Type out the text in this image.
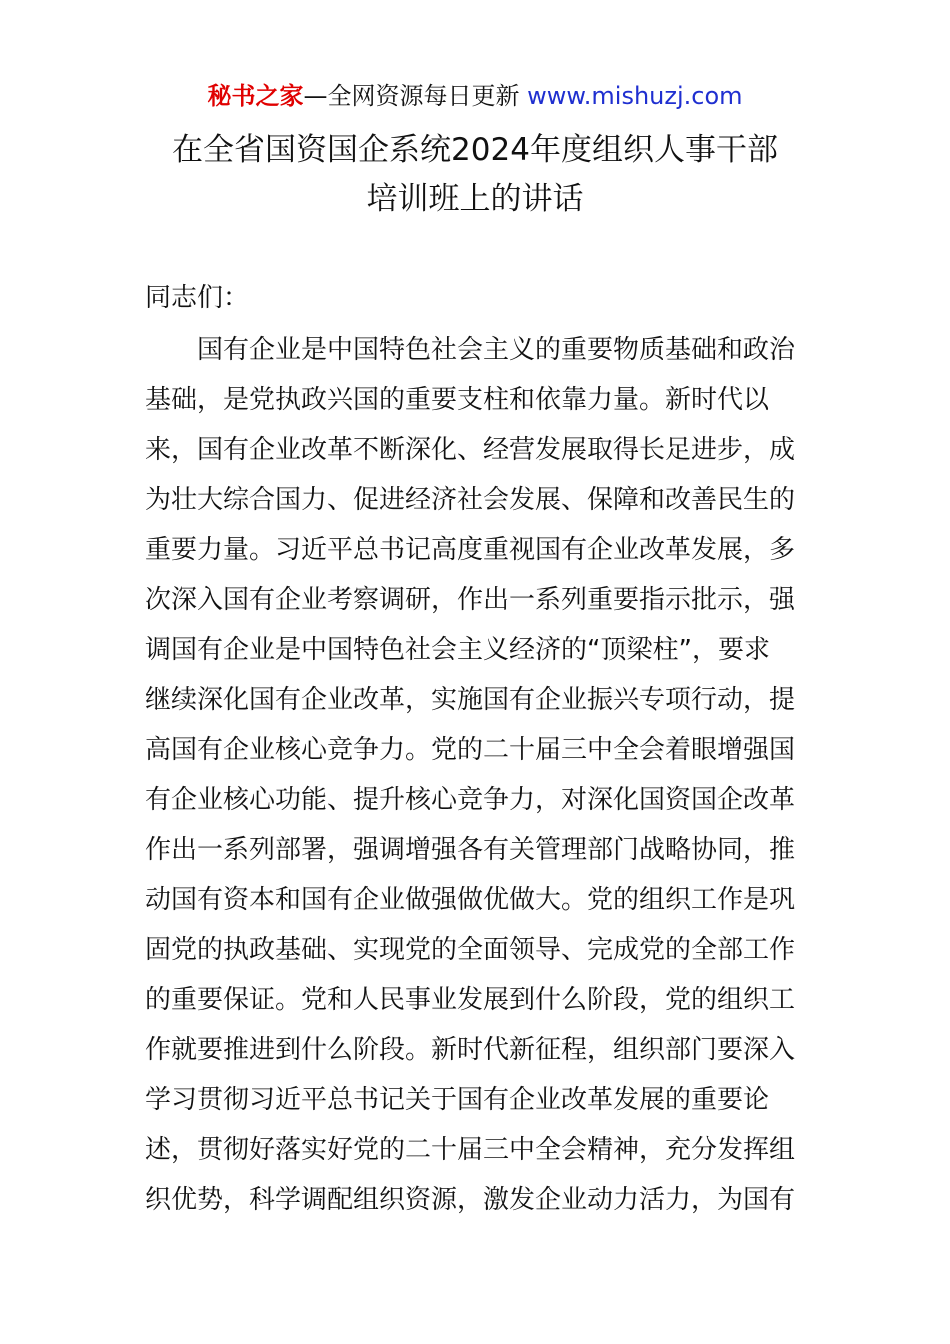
秘书之家—全网资源每日更新 www.mishuzj.com
在全省国资国企系统2024年度组织人事干部
培训班上的讲话
同志们：
国有企业是中国特色社会主义的重要物质基础和政治
基础，是党执政兴国的重要支柱和依靠力量。新时代以
来，国有企业改革不断深化、经营发展取得长足进步，成
为壮大综合国力、促进经济社会发展、保障和改善民生的
重要力量。习近平总书记高度重视国有企业改革发展，多
次深入国有企业考察调研，作出一系列重要指示批示，强
调国有企业是中国特色社会主义经济的“顶梁柱”，要求
继续深化国有企业改革，实施国有企业振兴专项行动，提
高国有企业核心竞争力。党的二十届三中全会着眼增强国
有企业核心功能、提升核心竞争力，对深化国资国企改革
作出一系列部署，强调增强各有关管理部门战略协同，推
动国有资本和国有企业做强做优做大。党的组织工作是巩
固党的执政基础、实现党的全面领导、完成党的全部工作
的重要保证。党和人民事业发展到什么阶段，党的组织工
作就要推进到什么阶段。新时代新征程，组织部门要深入
学习贯彻习近平总书记关于国有企业改革发展的重要论
述，贯彻好落实好党的二十届三中全会精神，充分发挥组
织优势，科学调配组织资源，激发企业动力活力，为国有
